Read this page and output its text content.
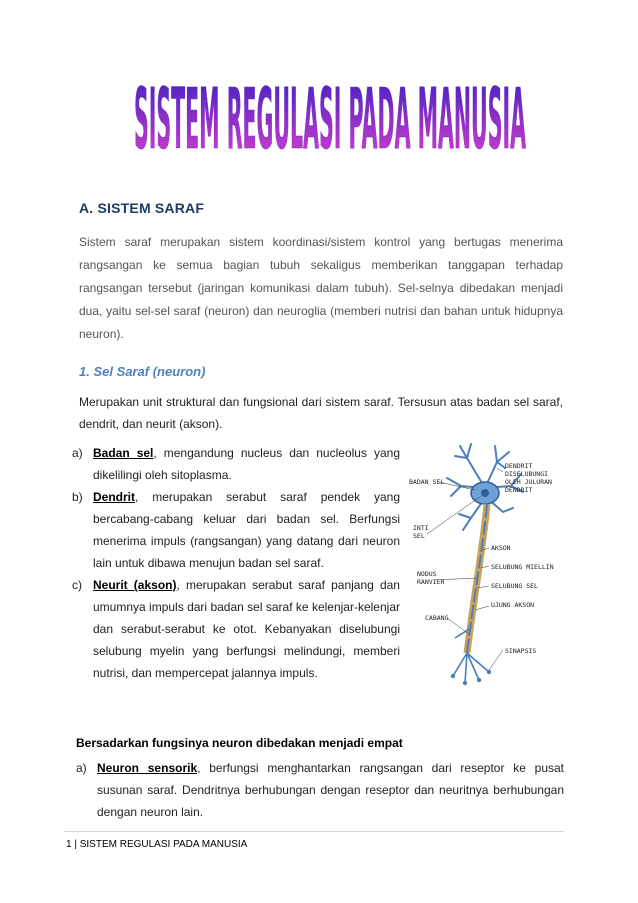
SISTEM REGULASI PADA MANUSIA
A. SISTEM SARAF
Sistem saraf merupakan sistem koordinasi/sistem kontrol yang bertugas menerima rangsangan ke semua bagian tubuh sekaligus memberikan tanggapan terhadap rangsangan tersebut (jaringan komunikasi dalam tubuh). Sel-selnya dibedakan menjadi dua, yaitu sel-sel saraf (neuron) dan neuroglia (memberi nutrisi dan bahan untuk hidupnya neuron).
1. Sel Saraf (neuron)
Merupakan unit struktural dan fungsional dari sistem saraf. Tersusun atas badan sel saraf, dendrit, dan neurit (akson).
a) Badan sel, mengandung nucleus dan nucleolus yang dikelilingi oleh sitoplasma.
b) Dendrit, merupakan serabut saraf pendek yang bercabang-cabang keluar dari badan sel. Berfungsi menerima impuls (rangsangan) yang datang dari neuron lain untuk dibawa menujun badan sel saraf.
c) Neurit (akson), merupakan serabut saraf panjang dan umumnya impuls dari badan sel saraf ke kelenjar-kelenjar dan serabut-serabut ke otot. Kebanyakan diselubungi selubung myelin yang berfungsi melindungi, memberi nutrisi, dan mempercepat jalannya impuls.
BADAN SEL
DENDRIT
DISELUBUNGI
OLEH JULURAN
DENDRIT
INTI
SEL
AKSON
NODUS
RANVIER
SELUBUNG MIELLIN
SELUBUNG SEL
UJUNG AKSON
CABANG
SINAPSIS
Bersadarkan fungsinya neuron dibedakan menjadi empat
a) Neuron sensorik, berfungsi menghantarkan rangsangan dari reseptor ke pusat susunan saraf. Dendritnya berhubungan dengan reseptor dan neuritnya berhubungan dengan neuron lain.
1 | SISTEM REGULASI PADA MANUSIA
